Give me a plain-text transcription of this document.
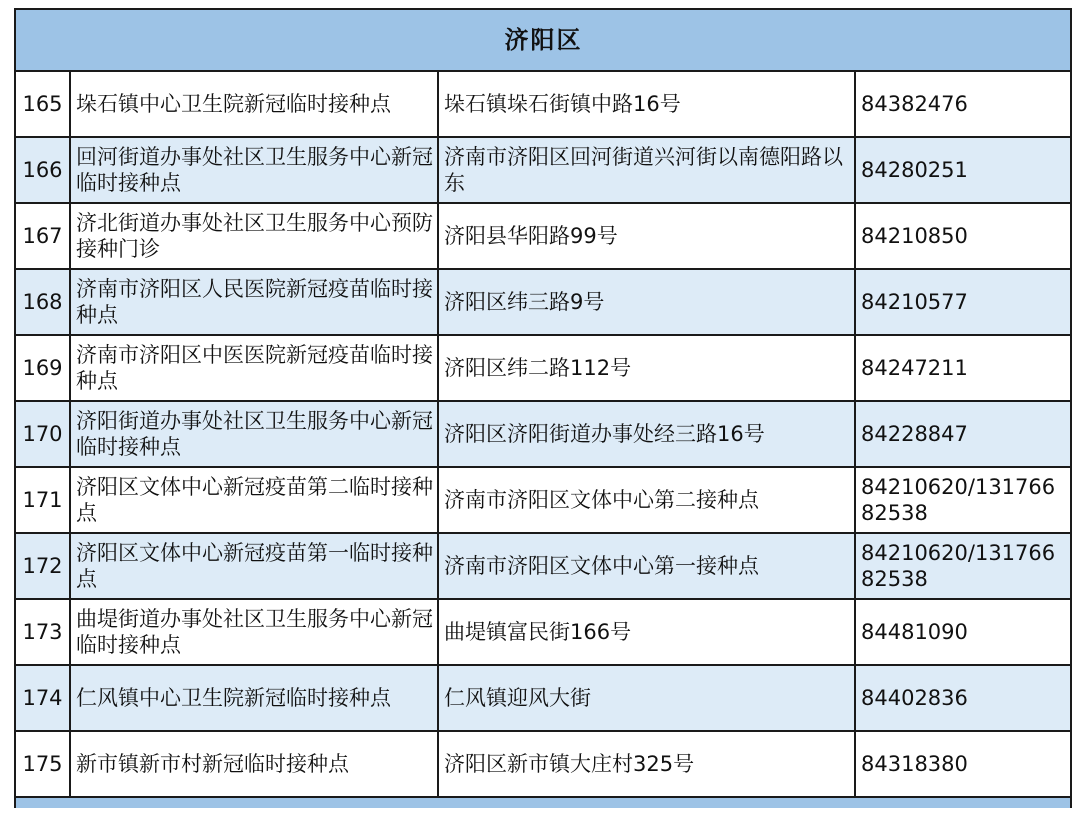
济阳区			
165	垛石镇中心卫生院新冠临时接种点	垛石镇垛石街镇中路16号	84382476
166	回河街道办事处社区卫生服务中心新冠临时接种点	济南市济阳区回河街道兴河街以南德阳路以东	84280251
167	济北街道办事处社区卫生服务中心预防接种门诊	济阳县华阳路99号	84210850
168	济南市济阳区人民医院新冠疫苗临时接种点	济阳区纬三路9号	84210577
169	济南市济阳区中医医院新冠疫苗临时接种点	济阳区纬二路112号	84247211
170	济阳街道办事处社区卫生服务中心新冠临时接种点	济阳区济阳街道办事处经三路16号	84228847
171	济阳区文体中心新冠疫苗第二临时接种点	济南市济阳区文体中心第二接种点	84210620/13176682538
172	济阳区文体中心新冠疫苗第一临时接种点	济南市济阳区文体中心第一接种点	84210620/13176682538
173	曲堤街道办事处社区卫生服务中心新冠临时接种点	曲堤镇富民街166号	84481090
174	仁风镇中心卫生院新冠临时接种点	仁风镇迎风大街	84402836
175	新市镇新市村新冠临时接种点	济阳区新市镇大庄村325号	84318380
